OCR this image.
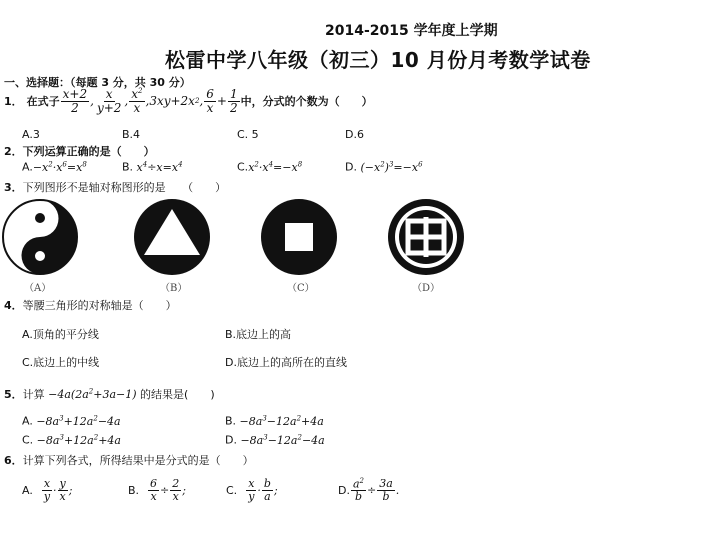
2014-2015 学年度上学期
松雷中学八年级（初三）10 月份月考数学试卷
一、选择题：（每题 3 分，共 30 分）
1． 在式子 $\frac{x+2}{2}$ , $\frac{x}{y+2}$ , $\frac{x^2}{x} ,3xy+2x$ 2 , $\frac{6}{x} + \frac{1}{2}$ 中，分式的个数为（　　）
A.3	B.4	C. 5	D.6
2．下列运算正确的是（　　）
$A.-x^2\cdot x^6=x^8$	B. $x^4\div x=x^4$	$C.x^2\cdot x^4=-x^8$	D. $(-x^2)^3=-x^6$
3．下列图形不是轴对称图形的是　　（　　）
（A）	（B）	（C）	（D）
4．等腰三角形的对称轴是（　　）
A.顶角的平分线	B.底边上的高
C.底边上的中线	D.底边上的高所在的直线
5．计算 $-4a(2a^2+3a-1)$ 的结果是(　　)
A. $-8a^3+12a^2-4a$	B. $-8a^3-12a^2+4a$
C. $-8a^3+12a^2+4a$	D. $-8a^3-12a^2-4a$
6．计算下列各式，所得结果中是分式的是（　　）
A. $\frac{x}{y} \cdot \frac{y}{x}$ ;	B. $\frac{6}{x} \div \frac{2}{x}$ ;	C. $\frac{x}{y} \cdot \frac{b}{a}$ ;	D. $\frac{a^2}{b} \div \frac{3a}{b}$ .
